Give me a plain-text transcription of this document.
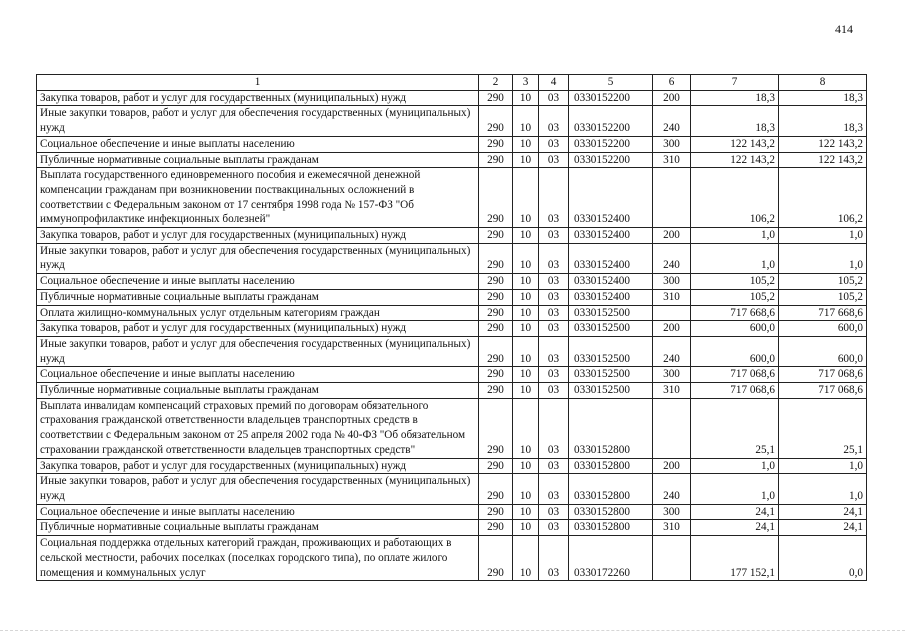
414
1	2	3	4	5	6	7	8
Закупка товаров, работ и услуг для государственных (муниципальных) нужд	290	10	03	0330152200	200	18,3	18,3
Иные закупки товаров, работ и услуг для обеспечения государственных (муниципальных) нужд	290	10	03	0330152200	240	18,3	18,3
Социальное обеспечение и иные выплаты населению	290	10	03	0330152200	300	122 143,2	122 143,2
Публичные нормативные социальные выплаты гражданам	290	10	03	0330152200	310	122 143,2	122 143,2
Выплата государственного единовременного пособия и ежемесячной денежной компенсации гражданам при возникновении поствакцинальных осложнений в соответствии с Федеральным законом от 17 сентября 1998 года № 157-ФЗ "Об иммунопрофилактике инфекционных болезней"	290	10	03	0330152400		106,2	106,2
Закупка товаров, работ и услуг для государственных (муниципальных) нужд	290	10	03	0330152400	200	1,0	1,0
Иные закупки товаров, работ и услуг для обеспечения государственных (муниципальных) нужд	290	10	03	0330152400	240	1,0	1,0
Социальное обеспечение и иные выплаты населению	290	10	03	0330152400	300	105,2	105,2
Публичные нормативные социальные выплаты гражданам	290	10	03	0330152400	310	105,2	105,2
Оплата жилищно-коммунальных услуг отдельным категориям граждан	290	10	03	0330152500		717 668,6	717 668,6
Закупка товаров, работ и услуг для государственных (муниципальных) нужд	290	10	03	0330152500	200	600,0	600,0
Иные закупки товаров, работ и услуг для обеспечения государственных (муниципальных) нужд	290	10	03	0330152500	240	600,0	600,0
Социальное обеспечение и иные выплаты населению	290	10	03	0330152500	300	717 068,6	717 068,6
Публичные нормативные социальные выплаты гражданам	290	10	03	0330152500	310	717 068,6	717 068,6
Выплата инвалидам компенсаций страховых премий по договорам обязательного страхования гражданской ответственности владельцев транспортных средств в соответствии с Федеральным законом от 25 апреля 2002 года № 40-ФЗ "Об обязательном страховании гражданской ответственности владельцев транспортных средств"	290	10	03	0330152800		25,1	25,1
Закупка товаров, работ и услуг для государственных (муниципальных) нужд	290	10	03	0330152800	200	1,0	1,0
Иные закупки товаров, работ и услуг для обеспечения государственных (муниципальных) нужд	290	10	03	0330152800	240	1,0	1,0
Социальное обеспечение и иные выплаты населению	290	10	03	0330152800	300	24,1	24,1
Публичные нормативные социальные выплаты гражданам	290	10	03	0330152800	310	24,1	24,1
Социальная поддержка отдельных категорий граждан, проживающих и работающих в сельской местности, рабочих поселках (поселках городского типа), по оплате жилого помещения и коммунальных услуг	290	10	03	0330172260		177 152,1	0,0
